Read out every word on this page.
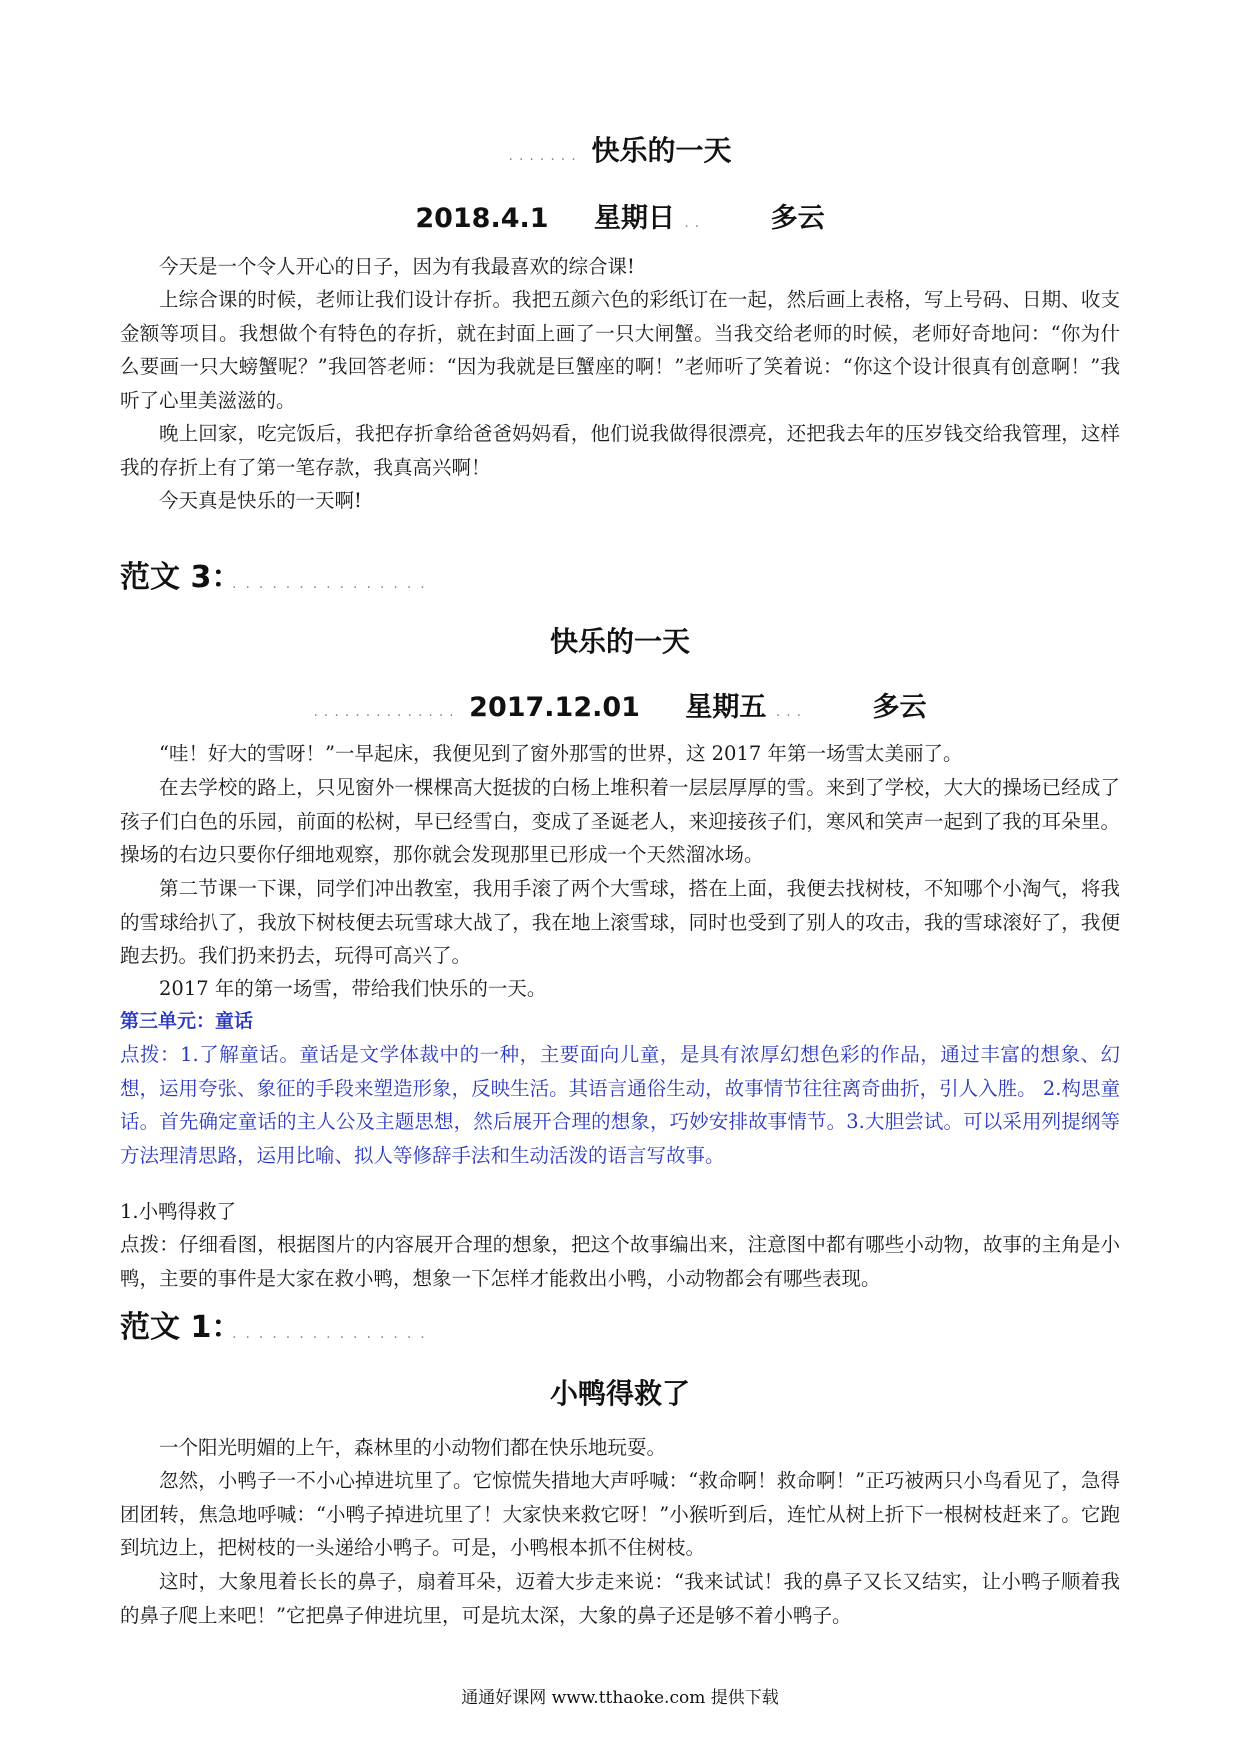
....... 快乐的一天
2018.4.1 星期日 .. 多云

今天是一个令人开心的日子，因为有我最喜欢的综合课!

上综合课的时候，老师让我们设计存折。我把五颜六色的彩纸订在一起，然后画上表格，写上号码、日期、收支金额等项目。我想做个有特色的存折，就在封面上画了一只大闸蟹。当我交给老师的时候，老师好奇地问：“你为什么要画一只大螃蟹呢？”我回答老师：“因为我就是巨蟹座的啊！”老师听了笑着说：“你这个设计很真有创意啊！”我听了心里美滋滋的。

晚上回家，吃完饭后，我把存折拿给爸爸妈妈看，他们说我做得很漂亮，还把我去年的压岁钱交给我管理，这样我的存折上有了第一笔存款，我真高兴啊！

今天真是快乐的一天啊!

范文 3：
...............
快乐的一天
.............. 2017.12.01 星期五 ... 多云

“哇！好大的雪呀！”一早起床，我便见到了窗外那雪的世界，这 2017 年第一场雪太美丽了。

在去学校的路上，只见窗外一棵棵高大挺拔的白杨上堆积着一层层厚厚的雪。来到了学校，大大的操场已经成了孩子们白色的乐园，前面的松树，早已经雪白，变成了圣诞老人，来迎接孩子们，寒风和笑声一起到了我的耳朵里。操场的右边只要你仔细地观察，那你就会发现那里已形成一个天然溜冰场。

第二节课一下课，同学们冲出教室，我用手滚了两个大雪球，搭在上面，我便去找树枝，不知哪个小淘气，将我的雪球给扒了，我放下树枝便去玩雪球大战了，我在地上滚雪球，同时也受到了别人的攻击，我的雪球滚好了，我便跑去扔。我们扔来扔去，玩得可高兴了。

2017 年的第一场雪，带给我们快乐的一天。

第三单元：童话

点拨：1.了解童话。童话是文学体裁中的一种，主要面向儿童，是具有浓厚幻想色彩的作品，通过丰富的想象、幻想，运用夸张、象征的手段来塑造形象，反映生活。其语言通俗生动，故事情节往往离奇曲折，引人入胜。 2.构思童话。首先确定童话的主人公及主题思想，然后展开合理的想象，巧妙安排故事情节。3.大胆尝试。可以采用列提纲等方法理清思路，运用比喻、拟人等修辞手法和生动活泼的语言写故事。

1.小鸭得救了

点拨：仔细看图，根据图片的内容展开合理的想象，把这个故事编出来，注意图中都有哪些小动物，故事的主角是小鸭，主要的事件是大家在救小鸭，想象一下怎样才能救出小鸭，小动物都会有哪些表现。

范文 1：
...............
小鸭得救了

一个阳光明媚的上午，森林里的小动物们都在快乐地玩耍。

忽然，小鸭子一不小心掉进坑里了。它惊慌失措地大声呼喊：“救命啊！救命啊！”正巧被两只小鸟看见了，急得团团转，焦急地呼喊：“小鸭子掉进坑里了！大家快来救它呀！”小猴听到后，连忙从树上折下一根树枝赶来了。它跑到坑边上，把树枝的一头递给小鸭子。可是，小鸭根本抓不住树枝。

这时，大象甩着长长的鼻子，扇着耳朵，迈着大步走来说：“我来试试！我的鼻子又长又结实，让小鸭子顺着我的鼻子爬上来吧！”它把鼻子伸进坑里，可是坑太深，大象的鼻子还是够不着小鸭子。

通通好课网 www.tthaoke.com 提供下载
